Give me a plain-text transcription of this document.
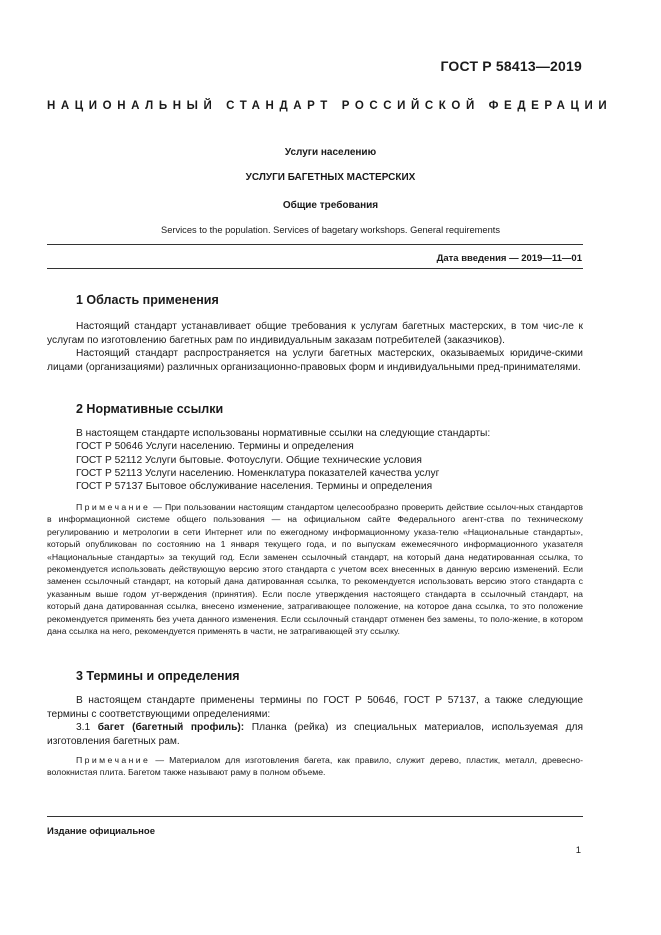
ГОСТ Р 58413—2019
НАЦИОНАЛЬНЫЙ СТАНДАРТ РОССИЙСКОЙ ФЕДЕРАЦИИ
Услуги населению
УСЛУГИ БАГЕТНЫХ МАСТЕРСКИХ
Общие требования
Services to the population. Services of bagetary workshops. General requirements
Дата введения — 2019—11—01
1 Область применения
Настоящий стандарт устанавливает общие требования к услугам багетных мастерских, в том чис-ле к услугам по изготовлению багетных рам по индивидуальным заказам потребителей (заказчиков).
Настоящий стандарт распространяется на услуги багетных мастерских, оказываемых юридиче-скими лицами (организациями) различных организационно-правовых форм и индивидуальными пред-принимателями.
2 Нормативные ссылки
В настоящем стандарте использованы нормативные ссылки на следующие стандарты:
ГОСТ Р 50646 Услуги населению. Термины и определения
ГОСТ Р 52112 Услуги бытовые. Фотоуслуги. Общие технические условия
ГОСТ Р 52113 Услуги населению. Номенклатура показателей качества услуг
ГОСТ Р 57137 Бытовое обслуживание населения. Термины и определения
Примечание — При пользовании настоящим стандартом целесообразно проверить действие ссылоч-ных стандартов в информационной системе общего пользования — на официальном сайте Федерального агент-ства по техническому регулированию и метрологии в сети Интернет или по ежегодному информационному указа-телю «Национальные стандарты», который опубликован по состоянию на 1 января текущего года, и по выпускам ежемесячного информационного указателя «Национальные стандарты» за текущий год. Если заменен ссылочный стандарт, на который дана недатированная ссылка, то рекомендуется использовать действующую версию этого стандарта с учетом всех внесенных в данную версию изменений. Если заменен ссылочный стандарт, на который дана датированная ссылка, то рекомендуется использовать версию этого стандарта с указанным выше годом ут-верждения (принятия). Если после утверждения настоящего стандарта в ссылочный стандарт, на который дана датированная ссылка, внесено изменение, затрагивающее положение, на которое дана ссылка, то это положение рекомендуется применять без учета данного изменения. Если ссылочный стандарт отменен без замены, то поло-жение, в котором дана ссылка на него, рекомендуется применять в части, не затрагивающей эту ссылку.
3 Термины и определения
В настоящем стандарте применены термины по ГОСТ Р 50646, ГОСТ Р 57137, а также следующие термины с соответствующими определениями:
3.1 багет (багетный профиль): Планка (рейка) из специальных материалов, используемая для изготовления багетных рам.
Примечание — Материалом для изготовления багета, как правило, служит дерево, пластик, металл, древесно-волокнистая плита. Багетом также называют раму в полном объеме.
Издание официальное
1
